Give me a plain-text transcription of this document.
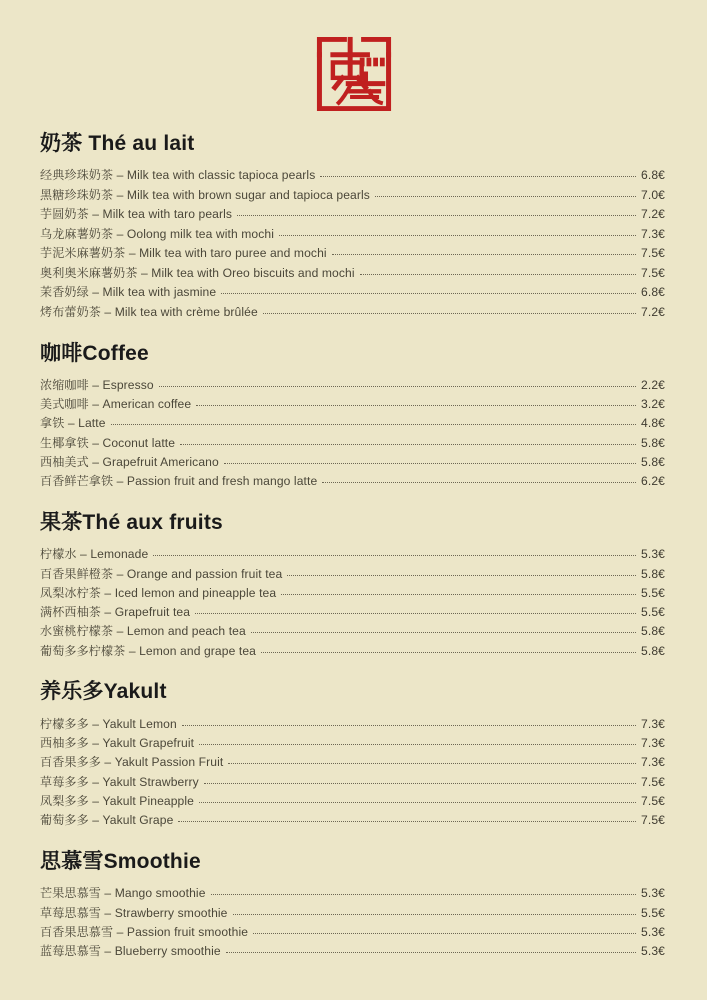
奶茶 Thé au lait
经典珍珠奶茶 – Milk tea with classic tapioca pearls	6.8€
黑糖珍珠奶茶 – Milk tea with brown sugar and tapioca pearls	7.0€
芋圆奶茶 – Milk tea with taro pearls	7.2€
乌龙麻薯奶茶 – Oolong milk tea with mochi	7.3€
芋泥米麻薯奶茶 – Milk tea with taro puree and mochi	7.5€
奥利奥米麻薯奶茶 – Milk tea with Oreo biscuits and mochi	7.5€
茉香奶绿 – Milk tea with jasmine	6.8€
烤布蕾奶茶 – Milk tea with crème brûlée	7.2€
咖啡Coffee
浓缩咖啡 – Espresso	2.2€
美式咖啡 – American coffee	3.2€
拿铁 – Latte	4.8€
生椰拿铁 – Coconut latte	5.8€
西柚美式 – Grapefruit Americano	5.8€
百香鲜芒拿铁 – Passion fruit and fresh mango latte	6.2€
果茶Thé aux fruits
柠檬水 – Lemonade	5.3€
百香果鲜橙茶 – Orange and passion fruit tea	5.8€
凤梨冰柠茶 – Iced lemon and pineapple tea	5.5€
满杯西柚茶 – Grapefruit tea	5.5€
水蜜桃柠檬茶 – Lemon and peach tea	5.8€
葡萄多多柠檬茶 – Lemon and grape tea	5.8€
养乐多Yakult
柠檬多多 – Yakult Lemon	7.3€
西柚多多 – Yakult Grapefruit	7.3€
百香果多多 – Yakult Passion Fruit	7.3€
草莓多多 – Yakult Strawberry	7.5€
凤梨多多 – Yakult Pineapple	7.5€
葡萄多多 – Yakult Grape	7.5€
思慕雪Smoothie
芒果思慕雪 – Mango smoothie	5.3€
草莓思慕雪 – Strawberry smoothie	5.5€
百香果思慕雪 – Passion fruit smoothie	5.3€
蓝莓思慕雪 – Blueberry smoothie	5.3€
